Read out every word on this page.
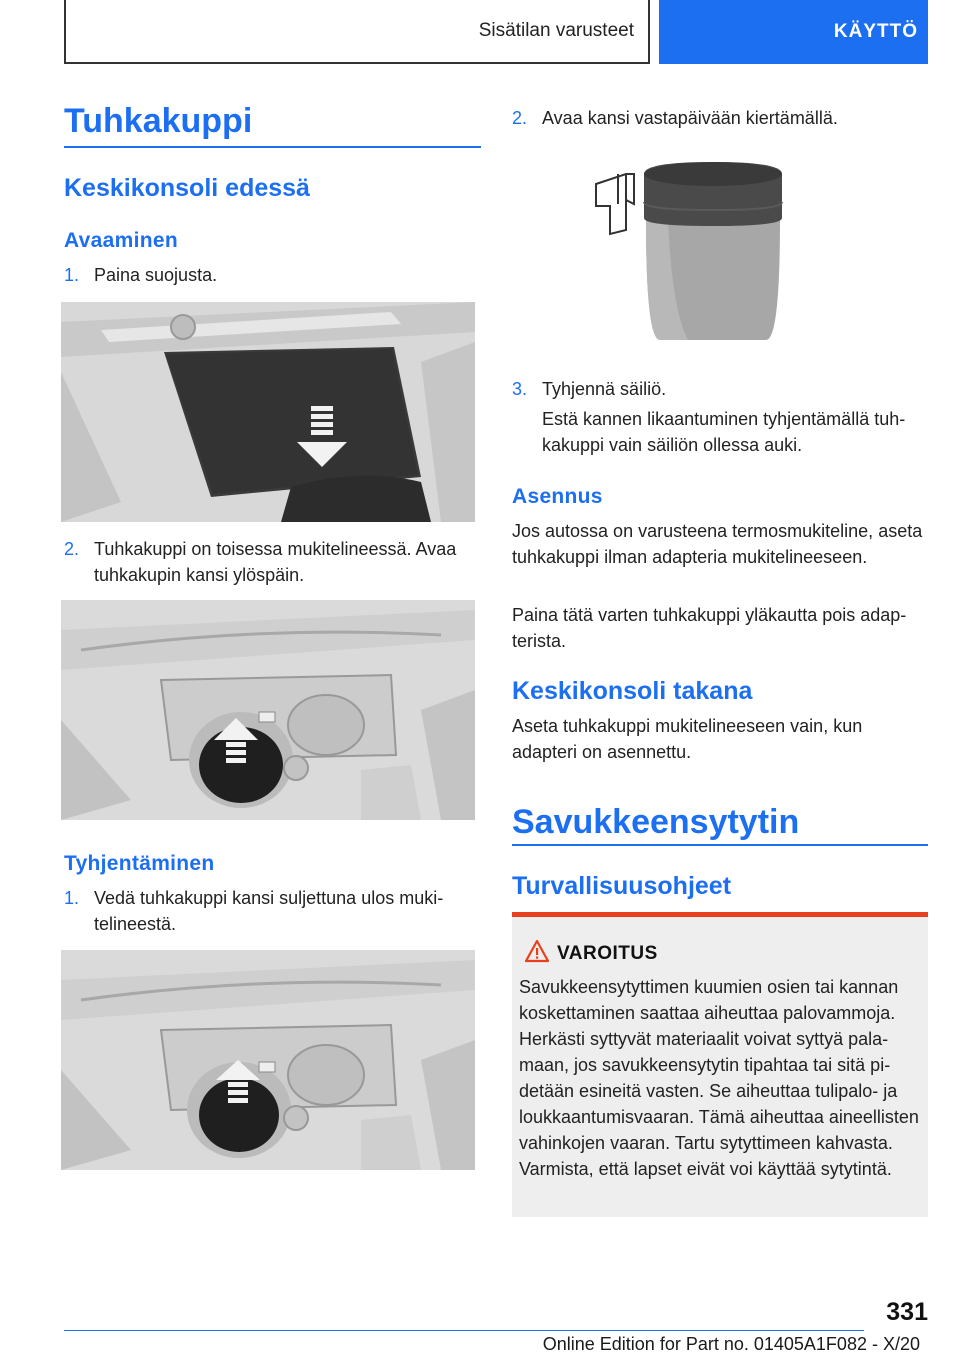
Sisätilan varusteet	KÄYTTÖ
Tuhkakuppi
Keskikonsoli edessä
Avaaminen
1. Paina suojusta.
2. Tuhkakuppi on toisessa mukitelineessä. Avaa tuhkakupin kansi ylöspäin.
Tyhjentäminen
1. Vedä tuhkakuppi kansi suljettuna ulos mukitelineestä.
2. Avaa kansi vastapäivään kiertämällä.
3. Tyhjennä säiliö.
Estä kannen likaantuminen tyhjentämällä tuhkakuppi vain säiliön ollessa auki.
Asennus
Jos autossa on varusteena termosmukiteline, aseta tuhkakuppi ilman adapteria mukitelineeseen.
Paina tätä varten tuhkakuppi yläkautta pois adapterista.
Keskikonsoli takana
Aseta tuhkakuppi mukitelineeseen vain, kun adapteri on asennettu.
Savukkeensytytin
Turvallisuusohjeet
VAROITUS
Savukkeensytyttimen kuumien osien tai kannan koskettaminen saattaa aiheuttaa palovammoja. Herkästi syttyvät materiaalit voivat syttyä palamaan, jos savukkeensytytin tipahtaa tai sitä pidetään esineitä vasten. Se aiheuttaa tulipalo- ja loukkaantumisvaaran. Tämä aiheuttaa aineellisten vahinkojen vaaran. Tartu sytyttimeen kahvasta. Varmista, että lapset eivät voi käyttää sytytintä.
331
Online Edition for Part no. 01405A1F082 - X/20
